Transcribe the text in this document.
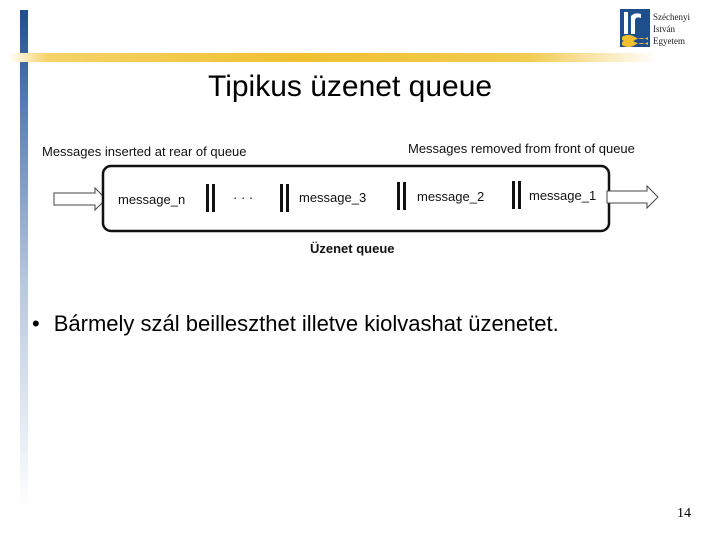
Széchenyi
István
Egyetem
Tipikus üzenet queue
Messages inserted at rear of queue	Messages removed from front of queue
message_n	· · ·	message_3	message_2	message_1
Üzenet queue
• Bármely szál beilleszthet illetve kiolvashat üzenetet.
14
